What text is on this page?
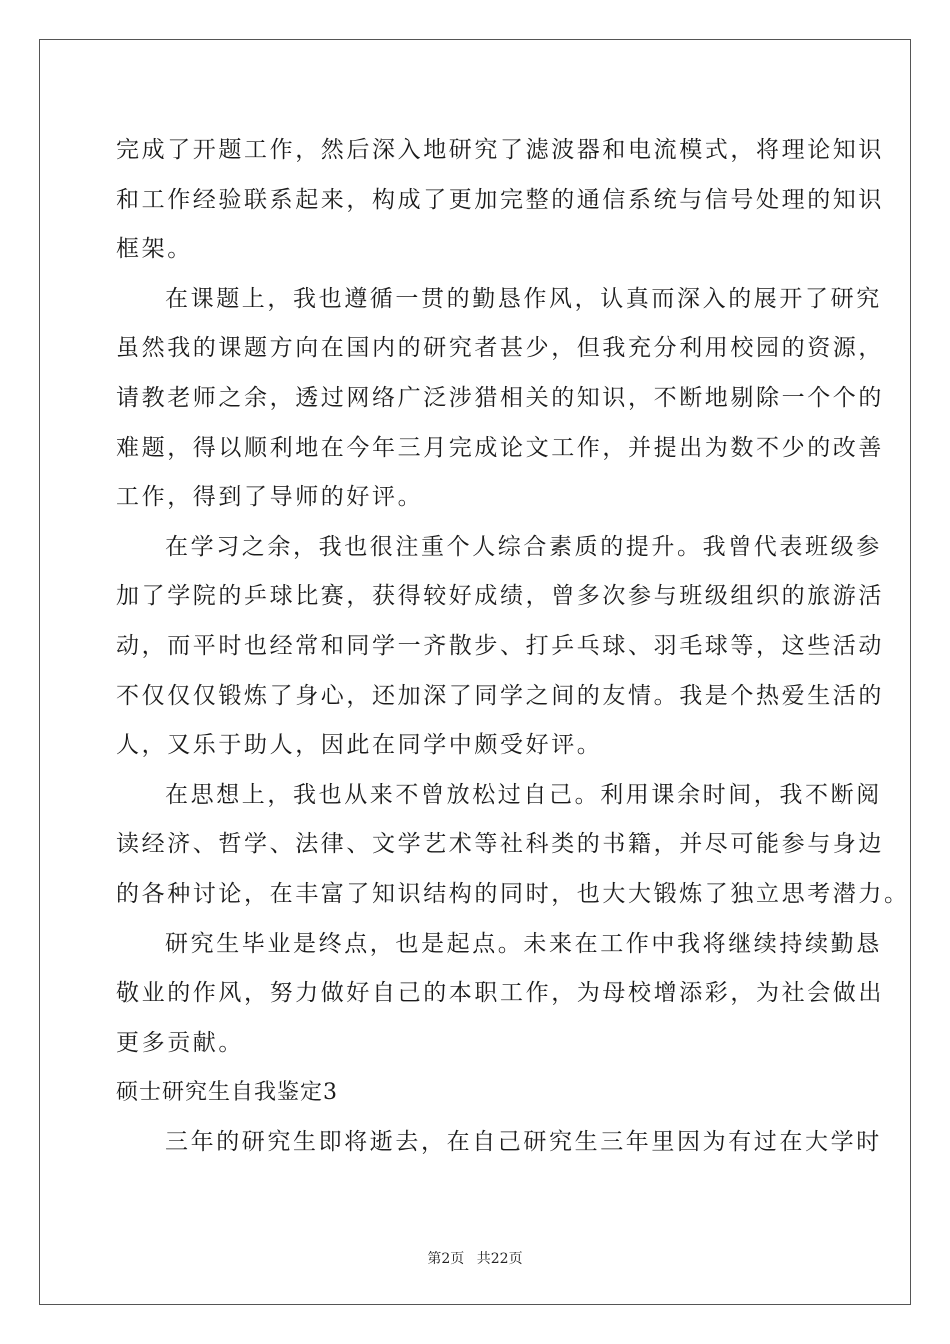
完成了开题工作，然后深入地研究了滤波器和电流模式，将理论知识
和工作经验联系起来，构成了更加完整的通信系统与信号处理的知识
框架。
在课题上，我也遵循一贯的勤恳作风，认真而深入的展开了研究
虽然我的课题方向在国内的研究者甚少，但我充分利用校园的资源，
请教老师之余，透过网络广泛涉猎相关的知识，不断地剔除一个个的
难题，得以顺利地在今年三月完成论文工作，并提出为数不少的改善
工作，得到了导师的好评。
在学习之余，我也很注重个人综合素质的提升。我曾代表班级参
加了学院的乒球比赛，获得较好成绩，曾多次参与班级组织的旅游活
动，而平时也经常和同学一齐散步、打乒乓球、羽毛球等，这些活动
不仅仅仅锻炼了身心，还加深了同学之间的友情。我是个热爱生活的
人，又乐于助人，因此在同学中颇受好评。
在思想上，我也从来不曾放松过自己。利用课余时间，我不断阅
读经济、哲学、法律、文学艺术等社科类的书籍，并尽可能参与身边
的各种讨论，在丰富了知识结构的同时，也大大锻炼了独立思考潜力。
研究生毕业是终点，也是起点。未来在工作中我将继续持续勤恳
敬业的作风，努力做好自己的本职工作，为母校增添彩，为社会做出
更多贡献。
硕士研究生自我鉴定3
三年的研究生即将逝去，在自己研究生三年里因为有过在大学时
第2页 共22页
